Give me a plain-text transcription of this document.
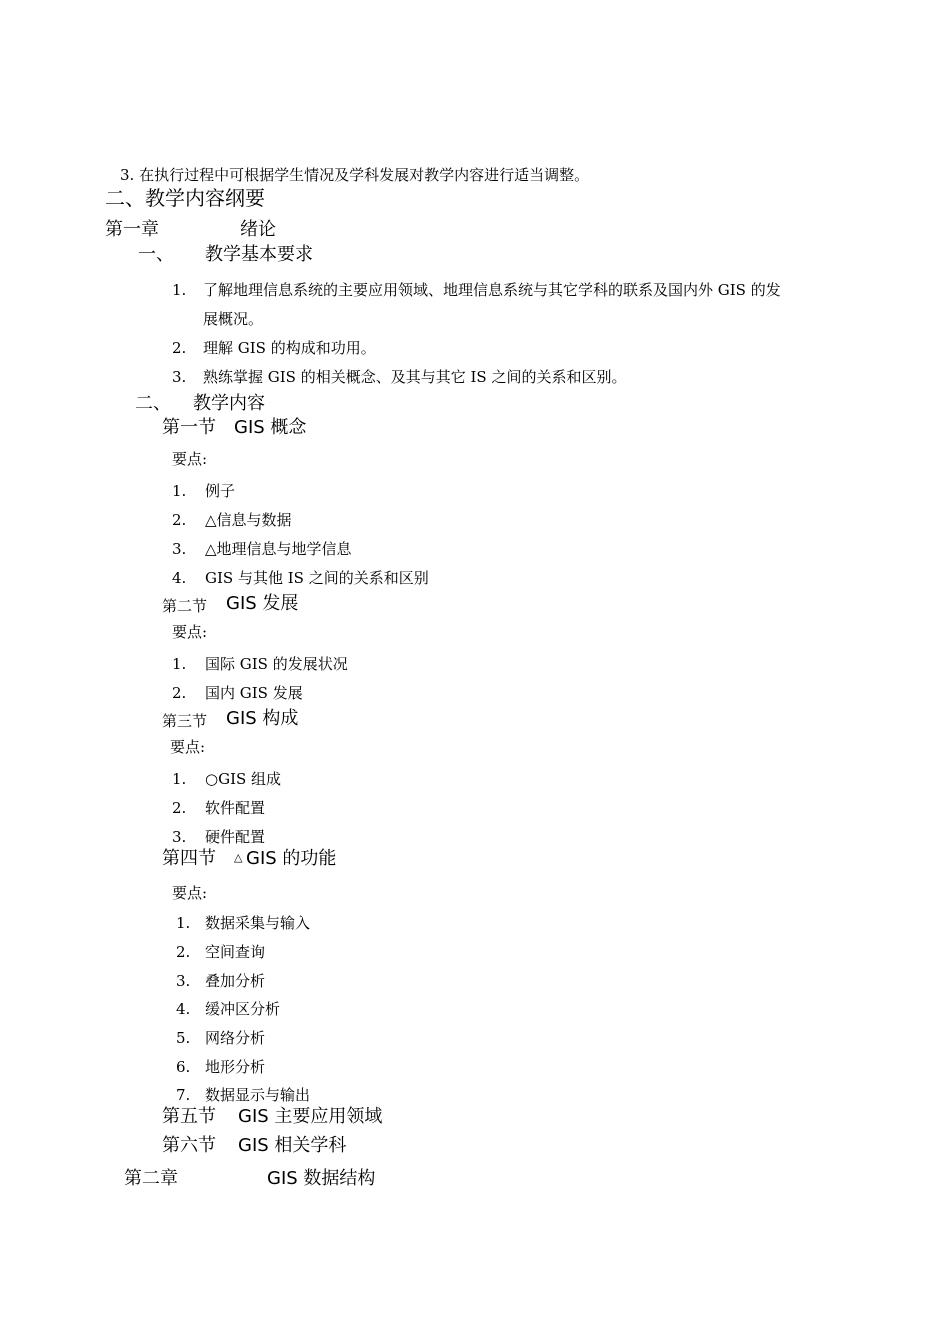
3. 在执行过程中可根据学生情况及学科发展对教学内容进行适当调整。
二、教学内容纲要
第一章	绪论
一、 教学基本要求
1. 了解地理信息系统的主要应用领域、地理信息系统与其它学科的联系及国内外 GIS 的发
展概况。
2. 理解 GIS 的构成和功用。
3. 熟练掌握 GIS 的相关概念、及其与其它 IS 之间的关系和区别。
二、 教学内容
第一节 GIS 概念
要点:
1. 例子
2. △信息与数据
3. △地理信息与地学信息
4. GIS 与其他 IS 之间的关系和区别
第二节 GIS 发展
要点:
1. 国际 GIS 的发展状况
2. 国内 GIS 发展
第三节 GIS 构成
要点:
1. ○GIS 组成
2. 软件配置
3. 硬件配置
第四节 △ GIS 的功能
要点:
1. 数据采集与输入
2. 空间查询
3. 叠加分析
4. 缓冲区分析
5. 网络分析
6. 地形分析
7. 数据显示与输出
第五节 GIS 主要应用领域
第六节 GIS 相关学科
第二章	GIS 数据结构
